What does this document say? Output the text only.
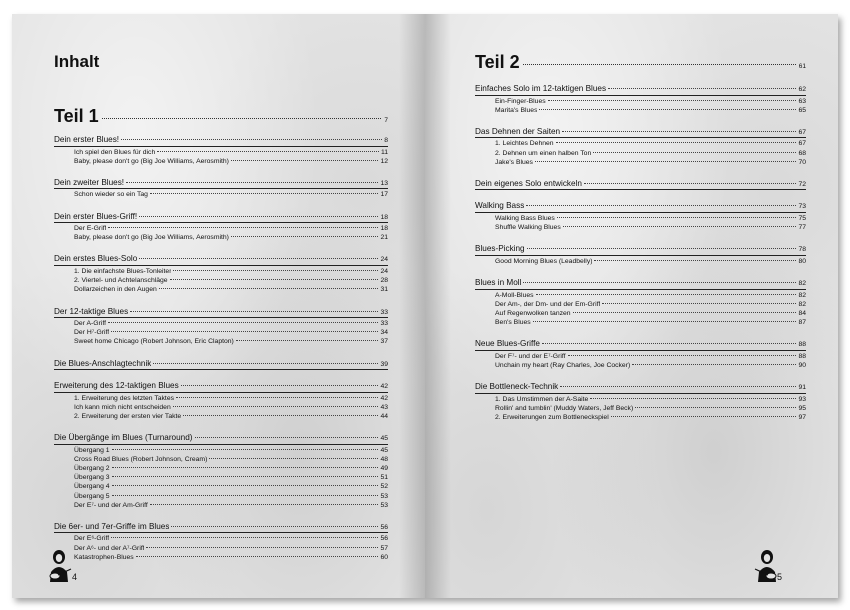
Inhalt
Teil 1	7
Dein erster Blues!	8
Ich spiel den Blues für dich	11
Baby, please don't go (Big Joe Williams, Aerosmith)	12
Dein zweiter Blues!	13
Schon wieder so ein Tag	17
Dein erster Blues-Griff!	18
Der E-Griff	18
Baby, please don't go (Big Joe Williams, Aerosmith)	21
Dein erstes Blues-Solo	24
1. Die einfachste Blues-Tonleiter	24
2. Viertel- und Achtelanschläge	28
Dollarzeichen in den Augen	31
Der 12-taktige Blues	33
Der A-Griff	33
Der H⁷-Griff	34
Sweet home Chicago (Robert Johnson, Eric Clapton)	37
Die Blues-Anschlagtechnik	39
Erweiterung des 12-taktigen Blues	42
1. Erweiterung des letzten Taktes	42
Ich kann mich nicht entscheiden	43
2. Erweiterung der ersten vier Takte	44
Die Übergänge im Blues (Turnaround)	45
Übergang 1	45
Cross Road Blues (Robert Johnson, Cream)	48
Übergang 2	49
Übergang 3	51
Übergang 4	52
Übergang 5	53
Der E⁷- und der Am-Griff	53
Die 6er- und 7er-Griffe im Blues	56
Der E⁶-Griff	56
Der A⁶- und der A⁷-Griff	57
Katastrophen-Blues	60
4
Teil 2	61
Einfaches Solo im 12-taktigen Blues	62
Ein-Finger-Blues	63
Marita's Blues	65
Das Dehnen der Saiten	67
1. Leichtes Dehnen	67
2. Dehnen um einen halben Ton	68
Jake's Blues	70
Dein eigenes Solo entwickeln	72
Walking Bass	73
Walking Bass Blues	75
Shuffle Walking Blues	77
Blues-Picking	78
Good Morning Blues (Leadbelly)	80
Blues in Moll	82
A-Moll-Blues	82
Der Am-, der Dm- und der Em-Griff	82
Auf Regenwolken tanzen	84
Ben's Blues	87
Neue Blues-Griffe	88
Der F⁷- und der E⁷-Griff	88
Unchain my heart (Ray Charles, Joe Cocker)	90
Die Bottleneck-Technik	91
1. Das Umstimmen der A-Saite	93
Rollin' and tumblin' (Muddy Waters, Jeff Beck)	95
2. Erweiterungen zum Bottleneckspiel	97
5
